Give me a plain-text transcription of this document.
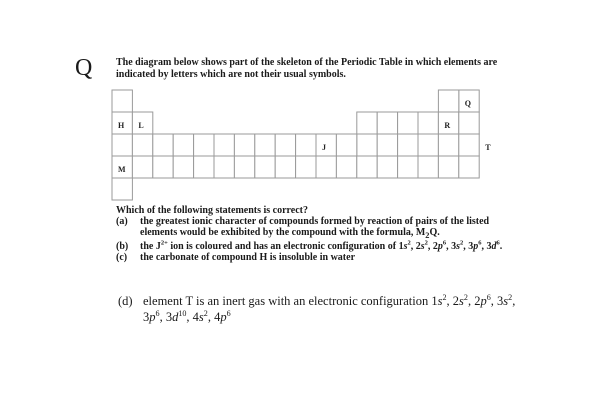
Q The diagram below shows part of the skeleton of the Periodic Table in which elements are indicated by letters which are not their usual symbols.
H L
M
J
R
Q
T
Which of the following statements is correct?
(a) the greatest ionic character of compounds formed by reaction of pairs of the listed elements would be exhibited by the compound with the formula, $M_2Q$.
(b) the $J^{2+}$ ion is coloured and has an electronic configuration of $1s^2$, $2s^2$, $2p^6$, $3s^2$, $3p^6$, $3d^6$.
(c) the carbonate of compound H is insoluble in water
(d) element T is an inert gas with an electronic configuration $1s^2$, $2s^2$, $2p^6$, $3s^2$, $3p^6$, $3d^{10}$, $4s^2$, $4p^6$
